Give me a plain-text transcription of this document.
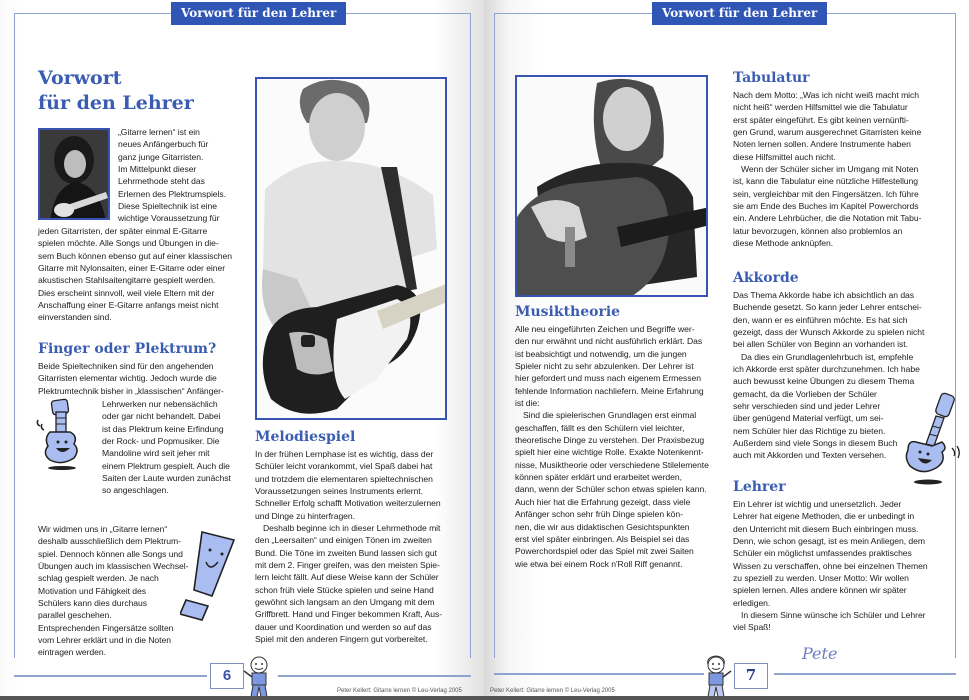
Vorwort für den Lehrer
Vorwort
für den Lehrer

„Gitarre lernen“ ist ein

neues Anfängerbuch für

ganz junge Gitarristen.

Im Mittelpunkt dieser

Lehrmethode steht das

Erlernen des Plektrumspiels.

Diese Spieltechnik ist eine

wichtige Voraussetzung für

jeden Gitarristen, der später einmal E-Gitarre

spielen möchte. Alle Songs und Übungen in die-

sem Buch können ebenso gut auf einer klassischen

Gitarre mit Nylonsaiten, einer E-Gitarre oder einer

akustischen Stahlsaitengitarre gespielt werden.

Dies erscheint sinnvoll, weil viele Eltern mit der

Anschaffung einer E-Gitarre anfangs meist nicht

einverstanden sind.

Finger oder Plektrum?

Beide Spieltechniken sind für den angehenden

Gitarristen elementar wichtig. Jedoch wurde die

Plektrumtechnik bisher in „klassischen“ Anfänger-

Lehrwerken nur nebensächlich

oder gar nicht behandelt. Dabei

ist das Plektrum keine Erfindung

der Rock- und Popmusiker. Die

Mandoline wird seit jeher mit

einem Plektrum gespielt. Auch die

Saiten der Laute wurden zunächst

so angeschlagen.

Wir widmen uns in „Gitarre lernen“

deshalb ausschließlich dem Plektrum-

spiel. Dennoch können alle Songs und

Übungen auch im klassischen Wechsel-

schlag gespielt werden. Je nach

Motivation und Fähigkeit des

Schülers kann dies durchaus

parallel geschehen.

Entsprechenden Fingersätze sollten

vom Lehrer erklärt und in die Noten

eintragen werden.

Melodiespiel

In der frühen Lernphase ist es wichtig, dass der

Schüler leicht vorankommt, viel Spaß dabei hat

und trotzdem die elementaren spieltechnischen

Voraussetzungen seines Instruments erlernt.

Schneller Erfolg schafft Motivation weiterzulernen

und Dinge zu hinterfragen.

Deshalb beginne ich in dieser Lehrmethode mit

den „Leersaiten“ und einigen Tönen im zweiten

Bund. Die Töne im zweiten Bund lassen sich gut

mit dem 2. Finger greifen, was den meisten Spie-

lern leicht fällt. Auf diese Weise kann der Schüler

schon früh viele Stücke spielen und seine Hand

gewöhnt sich langsam an den Umgang mit dem

Griffbrett. Hand und Finger bekommen Kraft, Aus-

dauer und Koordination und werden so auf das

Spiel mit den anderen Fingern gut vorbereitet.

6
Peter Kellert: Gitarre lernen © Leu-Verlag 2005
Vorwort für den Lehrer
Musiktheorie

Alle neu eingeführten Zeichen und Begriffe wer-

den nur erwähnt und nicht ausführlich erklärt. Das

ist beabsichtigt und notwendig, um die jungen

Spieler nicht zu sehr abzulenken. Der Lehrer ist

hier gefordert und muss nach eigenem Ermessen

fehlende Information nachliefern. Meine Erfahrung

ist die:

Sind die spielerischen Grundlagen erst einmal

geschaffen, fällt es den Schülern viel leichter,

theoretische Dinge zu verstehen. Der Praxisbezug

spielt hier eine wichtige Rolle. Exakte Notenkennt-

nisse, Musiktheorie oder verschiedene Stilelemente

können später erklärt und erarbeitet werden,

dann, wenn der Schüler schon etwas spielen kann.

Auch hier hat die Erfahrung gezeigt, dass viele

Anfänger schon sehr früh Dinge spielen kön-

nen, die wir aus didaktischen Gesichtspunkten

erst viel später einbringen. Als Beispiel sei das

Powerchordspiel oder das Spiel mit zwei Saiten

wie etwa bei einem Rock n'Roll Riff genannt.

Tabulatur

Nach dem Motto: „Was ich nicht weiß macht mich

nicht heiß“ werden Hilfsmittel wie die Tabulatur

erst später eingeführt. Es gibt keinen vernünfti-

gen Grund, warum ausgerechnet Gitarristen keine

Noten lernen sollen. Andere Instrumente haben

diese Hilfsmittel auch nicht.

Wenn der Schüler sicher im Umgang mit Noten

ist, kann die Tabulatur eine nützliche Hilfestellung

sein, vergleichbar mit den Fingersätzen. Ich führe

sie am Ende des Buches im Kapitel Powerchords

ein. Andere Lehrbücher, die die Notation mit Tabu-

latur bevorzugen, können also problemlos an

diese Methode anknüpfen.

Akkorde

Das Thema Akkorde habe ich absichtlich an das

Buchende gesetzt. So kann jeder Lehrer entschei-

den, wann er es einführen möchte. Es hat sich

gezeigt, dass der Wunsch Akkorde zu spielen nicht

bei allen Schüler von Beginn an vorhanden ist.

Da dies ein Grundlagenlehrbuch ist, empfehle

ich Akkorde erst später durchzunehmen. Ich habe

auch bewusst keine Übungen zu diesem Thema

gemacht, da die Vorlieben der Schüler

sehr verschieden sind und jeder Lehrer

über genügend Material verfügt, um sei-

nem Schüler hier das Richtige zu bieten.

Außerdem sind viele Songs in diesem Buch

auch mit Akkorden und Texten versehen.

Lehrer

Ein Lehrer ist wichtig und unersetzlich. Jeder

Lehrer hat eigene Methoden, die er unbedingt in

den Unterricht mit diesem Buch einbringen muss.

Denn, wie schon gesagt, ist es mein Anliegen, dem

Schüler ein möglichst umfassendes praktisches

Wissen zu verschaffen, ohne bei einzelnen Themen

zu speziell zu werden. Unser Motto: Wir wollen

spielen lernen. Alles andere können wir später

erledigen.

In diesem Sinne wünsche ich Schüler und Lehrer

viel Spaß!

Pete
7
Peter Kellert: Gitarre lernen © Leu-Verlag 2005
